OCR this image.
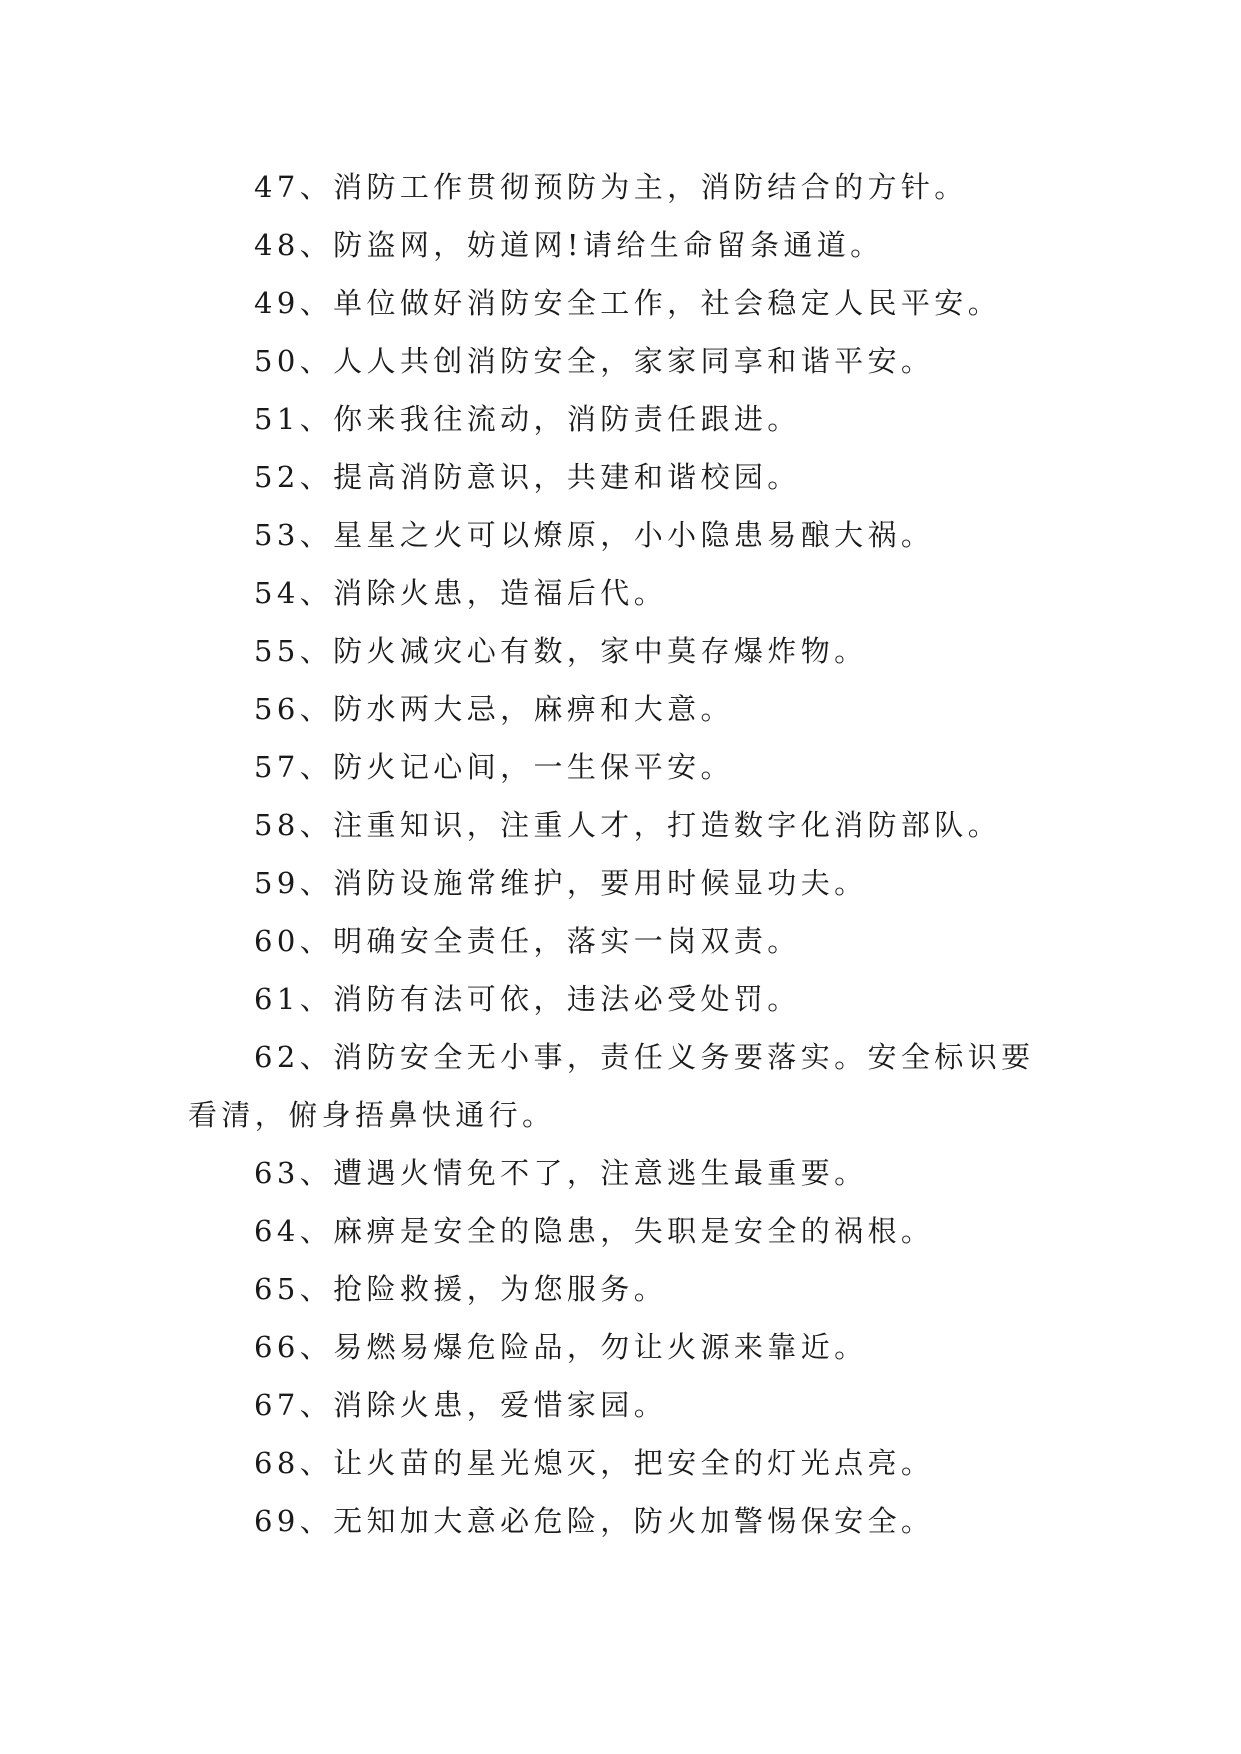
47、消防工作贯彻预防为主，消防结合的方针。

48、防盗网，妨道网!请给生命留条通道。

49、单位做好消防安全工作，社会稳定人民平安。

50、人人共创消防安全，家家同享和谐平安。

51、你来我往流动，消防责任跟进。

52、提高消防意识，共建和谐校园。

53、星星之火可以燎原，小小隐患易酿大祸。

54、消除火患，造福后代。

55、防火减灾心有数，家中莫存爆炸物。

56、防水两大忌，麻痹和大意。

57、防火记心间，一生保平安。

58、注重知识，注重人才，打造数字化消防部队。

59、消防设施常维护，要用时候显功夫。

60、明确安全责任，落实一岗双责。

61、消防有法可依，违法必受处罚。

62、消防安全无小事，责任义务要落实。安全标识要看清，俯身捂鼻快通行。

63、遭遇火情免不了，注意逃生最重要。

64、麻痹是安全的隐患，失职是安全的祸根。

65、抢险救援，为您服务。

66、易燃易爆危险品，勿让火源来靠近。

67、消除火患，爱惜家园。

68、让火苗的星光熄灭，把安全的灯光点亮。

69、无知加大意必危险，防火加警惕保安全。
